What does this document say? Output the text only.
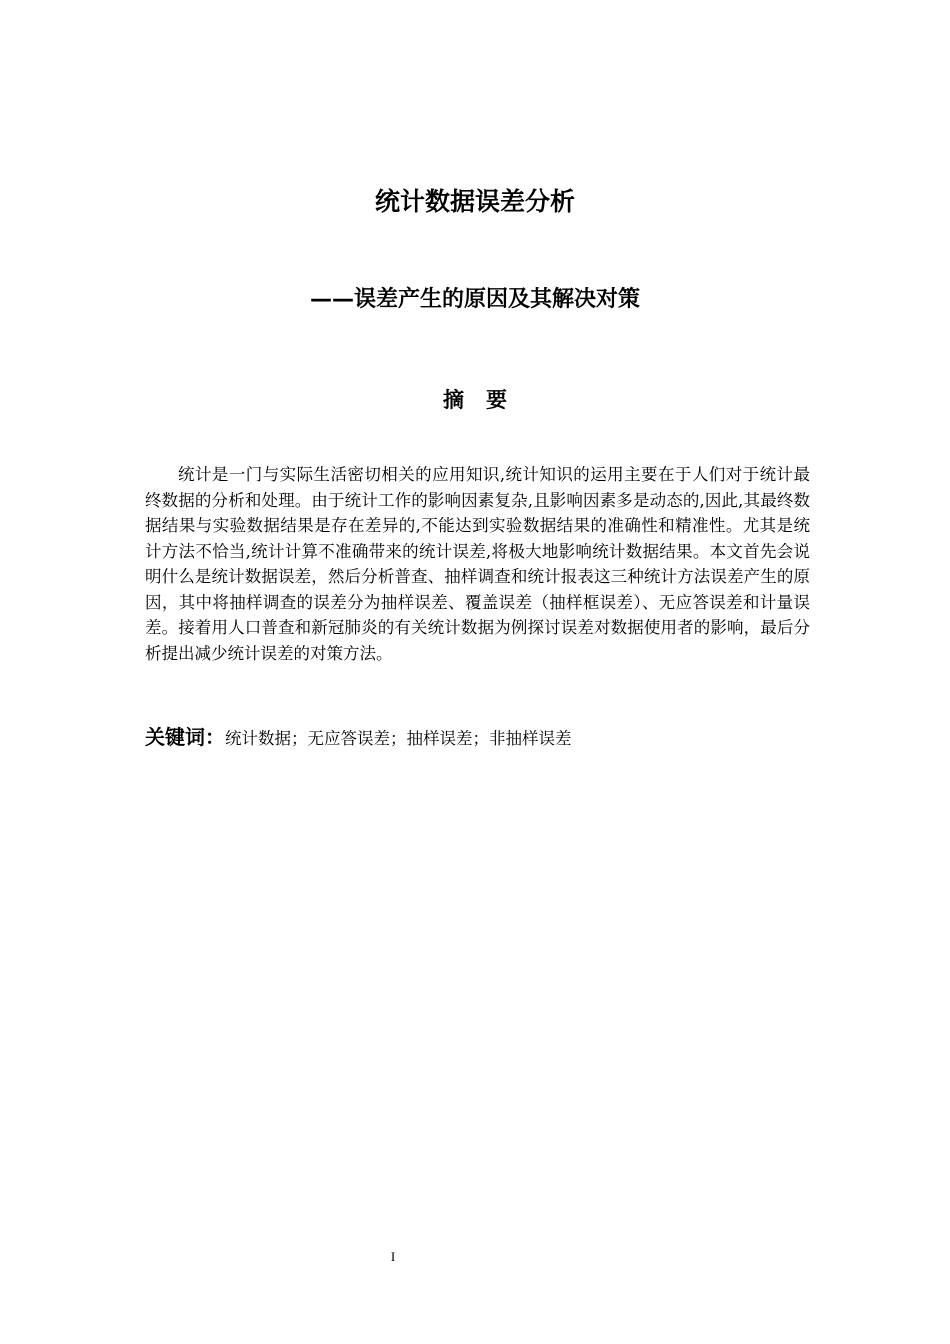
统计数据误差分析
——误差产生的原因及其解决对策
摘要

统计是一门与实际生活密切相关的应用知识,统计知识的运用主要在于人们对于统计最终数据的分析和处理。由于统计工作的影响因素复杂,且影响因素多是动态的,因此,其最终数据结果与实验数据结果是存在差异的,不能达到实验数据结果的准确性和精准性。尤其是统计方法不恰当,统计计算不准确带来的统计误差,将极大地影响统计数据结果。本文首先会说明什么是统计数据误差，然后分析普查、抽样调查和统计报表这三种统计方法误差产生的原因，其中将抽样调查的误差分为抽样误差、覆盖误差（抽样框误差）、无应答误差和计量误差。接着用人口普查和新冠肺炎的有关统计数据为例探讨误差对数据使用者的影响，最后分析提出减少统计误差的对策方法。

关键词：统计数据；无应答误差；抽样误差；非抽样误差

I
